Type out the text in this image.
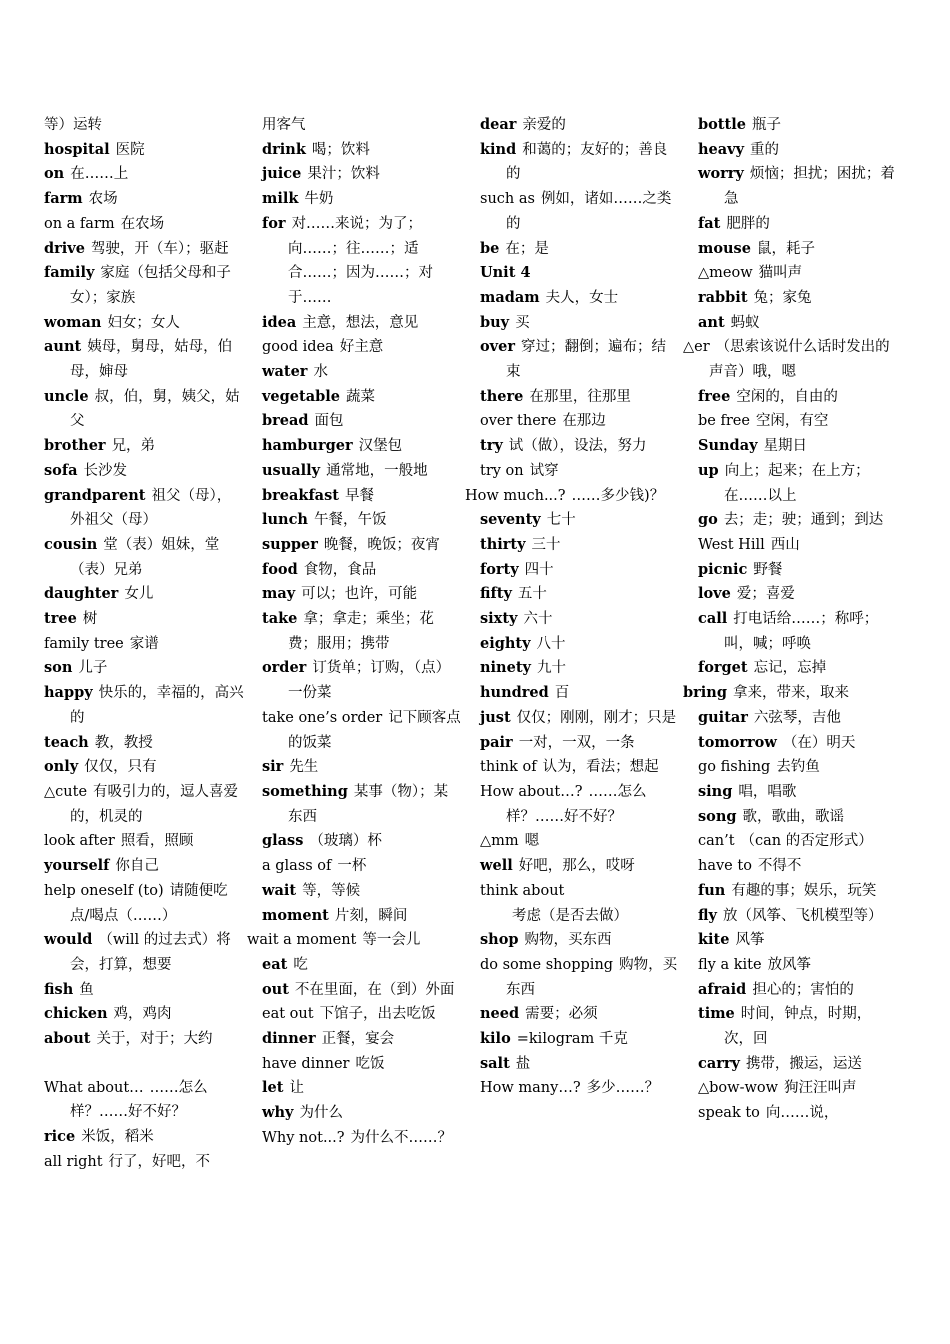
等）运转
hospital 医院
on 在……上
farm 农场
on a farm 在农场
drive 驾驶，开（车）；驱赶
family 家庭（包括父母和子女）；家族
woman 妇女；女人
aunt 姨母，舅母，姑母，伯母，婶母
uncle 叔，伯，舅，姨父，姑父
brother 兄，弟
sofa 长沙发
grandparent 祖父（母），外祖父（母）
cousin 堂（表）姐妹，堂（表）兄弟
daughter 女儿
tree 树
family tree 家谱
son 儿子
happy 快乐的，幸福的，高兴的
teach 教，教授
only 仅仅，只有
△cute 有吸引力的，逗人喜爱的，机灵的
look after 照看，照顾
yourself 你自己
help oneself (to) 请随便吃点/喝点（……）
would （will 的过去式）将会，打算，想要
fish 鱼
chicken 鸡，鸡肉
about 关于，对于；大约
What about… ……怎么样？……好不好？
rice 米饭，稻米
all right 行了，好吧，不
用客气
drink 喝；饮料
juice 果汁；饮料
milk 牛奶
for 对……来说；为了；向……；往……；适合……；因为……；对于……
idea 主意，想法，意见
good idea 好主意
water 水
vegetable 蔬菜
bread 面包
hamburger 汉堡包
usually 通常地，一般地
breakfast 早餐
lunch 午餐，午饭
supper 晚餐，晚饭；夜宵
food 食物，食品
may 可以；也许，可能
take 拿；拿走；乘坐；花费；服用；携带
order 订货单；订购，（点）一份菜
take one’s order 记下顾客点的饭菜
sir 先生
something 某事（物）；某东西
glass （玻璃）杯
a glass of 一杯
wait 等，等候
moment 片刻，瞬间
wait a moment 等一会儿
eat 吃
out 不在里面，在（到）外面
eat out 下馆子，出去吃饭
dinner 正餐，宴会
have dinner 吃饭
let 让
why 为什么
Why not...? 为什么不……？
dear 亲爱的
kind 和蔼的；友好的；善良的
such as 例如，诸如……之类的
be 在；是
Unit 4
madam 夫人，女士
buy 买
over 穿过；翻倒；遍布；结束
there 在那里，往那里
over there 在那边
try 试（做），设法，努力
try on 试穿
How much...? ……多少钱)？
seventy 七十
thirty 三十
forty 四十
fifty 五十
sixty 六十
eighty 八十
ninety 九十
hundred 百
just 仅仅；刚刚，刚才；只是
pair 一对，一双，一条
think of 认为，看法；想起
How about…? ……怎么样？……好不好？
△mm 嗯
well 好吧，那么，哎呀
think about考虑（是否去做）
shop 购物，买东西
do some shopping 购物，买东西
need 需要；必须
kilo =kilogram 千克
salt 盐
How many…? 多少……？
bottle 瓶子
heavy 重的
worry 烦恼；担扰；困扰；着急
fat 肥胖的
mouse 鼠，耗子
△meow 猫叫声
rabbit 兔；家兔
ant 蚂蚁
△er （思索该说什么话时发出的声音）哦，嗯
free 空闲的，自由的
be free 空闲，有空
Sunday 星期日
up 向上；起来；在上方；在……以上
go 去；走；驶；通到；到达
West Hill 西山
picnic 野餐
love 爱；喜爱
call 打电话给……；称呼；叫，喊；呼唤
forget 忘记，忘掉
bring 拿来，带来，取来
guitar 六弦琴，吉他
tomorrow （在）明天
go fishing 去钓鱼
sing 唱，唱歌
song 歌，歌曲，歌谣
can’t （can 的否定形式）
have to 不得不
fun 有趣的事；娱乐，玩笑
fly 放（风筝、飞机模型等）
kite 风筝
fly a kite 放风筝
afraid 担心的；害怕的
time 时间，钟点，时期，次，回
carry 携带，搬运，运送
△bow-wow 狗汪汪叫声
speak to 向……说，
